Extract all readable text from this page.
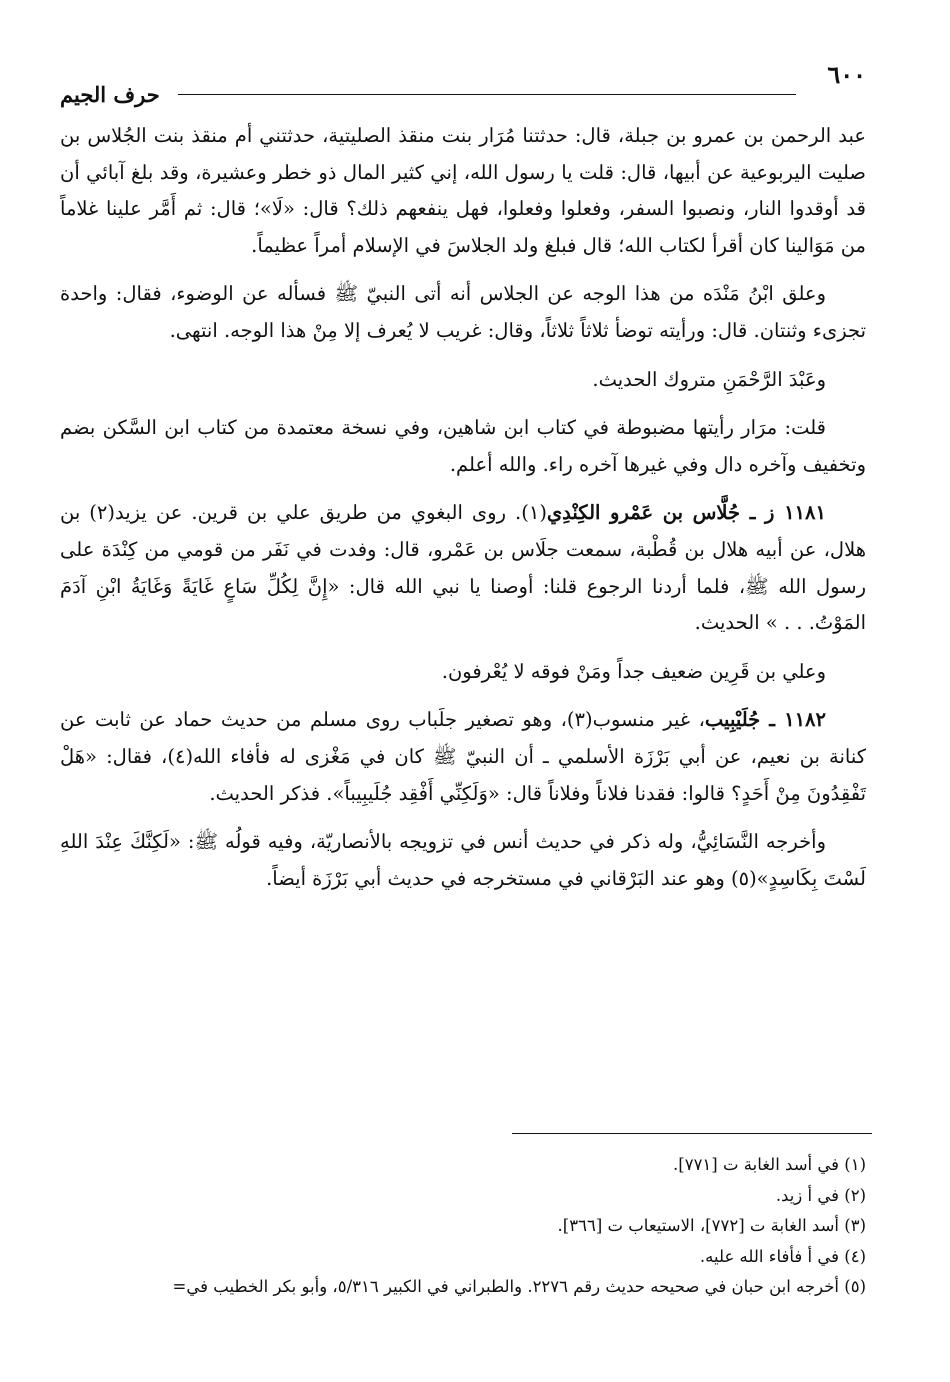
٦٠٠
حرف الجيم

عبد الرحمن بن عمرو بن جبلة، قال: حدثتنا مُرَار بنت منقذ الصليتية، حدثتني أم منقذ بنت الجُلاس بن صليت اليربوعية عن أبيها، قال: قلت يا رسول الله، إني كثير المال ذو خطر وعشيرة، وقد بلغ آبائي أن قد أوقدوا النار، ونصبوا السفر، وفعلوا وفعلوا، فهل ينفعهم ذلك؟ قال: «لَا»؛ قال: ثم أَمَّر علينا غلاماً من مَوَالينا كان أقرأ لكتاب الله؛ قال فبلغ ولد الجلاسَ في الإسلام أمراً عظيماً.

وعلق ابْنُ مَنْدَه من هذا الوجه عن الجلاس أنه أتى النبيّ ﷺ فسأله عن الوضوء، فقال: واحدة تجزىء وثنتان. قال: ورأيته توضأ ثلاثاً ثلاثاً، وقال: غريب لا يُعرف إلا مِنْ هذا الوجه. انتهى.

وعَبْدَ الرَّحْمَنِ متروك الحديث.

قلت: مرَار رأيتها مضبوطة في كتاب ابن شاهين، وفي نسخة معتمدة من كتاب ابن السَّكن بضم وتخفيف وآخره دال وفي غيرها آخره راء. والله أعلم.

١١٨١ ز ـ جُلَّاس بن عَمْرو الكِنْدِي(١). روى البغوي من طريق علي بن قرين. عن يزيد(٢) بن هلال، عن أبيه هلال بن قُطْبة، سمعت جلَاس بن عَمْرو، قال: وفدت في نَفَر من قومي من كِنْدَة على رسول الله ﷺ، فلما أردنا الرجوع قلنا: أوصنا يا نبي الله قال: «إِنَّ لِكُلِّ سَاعٍ غَايَةً وَغَايَةُ ابْنِ آدَمَ المَوْتُ. . . » الحديث.

وعلي بن قَرِين ضعيف جداً ومَنْ فوقه لا يُعْرفون.

١١٨٢ ـ جُلَيْبِيب، غير منسوب(٣)، وهو تصغير جلَباب روى مسلم من حديث حماد عن ثابت عن كنانة بن نعيم، عن أبي بَرْزَة الأسلمي ـ أن النبيّ ﷺ كان في مَغْزى له فأفاء الله(٤)، فقال: «هَلْ تَفْقِدُونَ مِنْ أَحَدٍ؟ قالوا: فقدنا فلاناً وفلاناً قال: «وَلَكِنِّي أَفْقِد جُلَيبِيباً». فذكر الحديث.

وأخرجه النَّسَائِيُّ، وله ذكر في حديث أنس في تزويجه بالأنصاريّة، وفيه قولُه ﷺ: «لَكِنَّكَ عِنْدَ اللهِ لَسْتَ بِكَاسِدٍ»(٥) وهو عند البَرْقاني في مستخرجه في حديث أبي بَرْزَة أيضاً.

(١) في أسد الغابة ت [٧٧١].
(٢) في أ زيد.
(٣) أسد الغابة ت [٧٧٢]، الاستيعاب ت [٣٦٦].
(٤) في أ فأفاء الله عليه.
(٥) أخرجه ابن حبان في صحيحه حديث رقم ٢٢٧٦. والطبراني في الكبير ٥/٣١٦، وأبو بكر الخطيب في=
